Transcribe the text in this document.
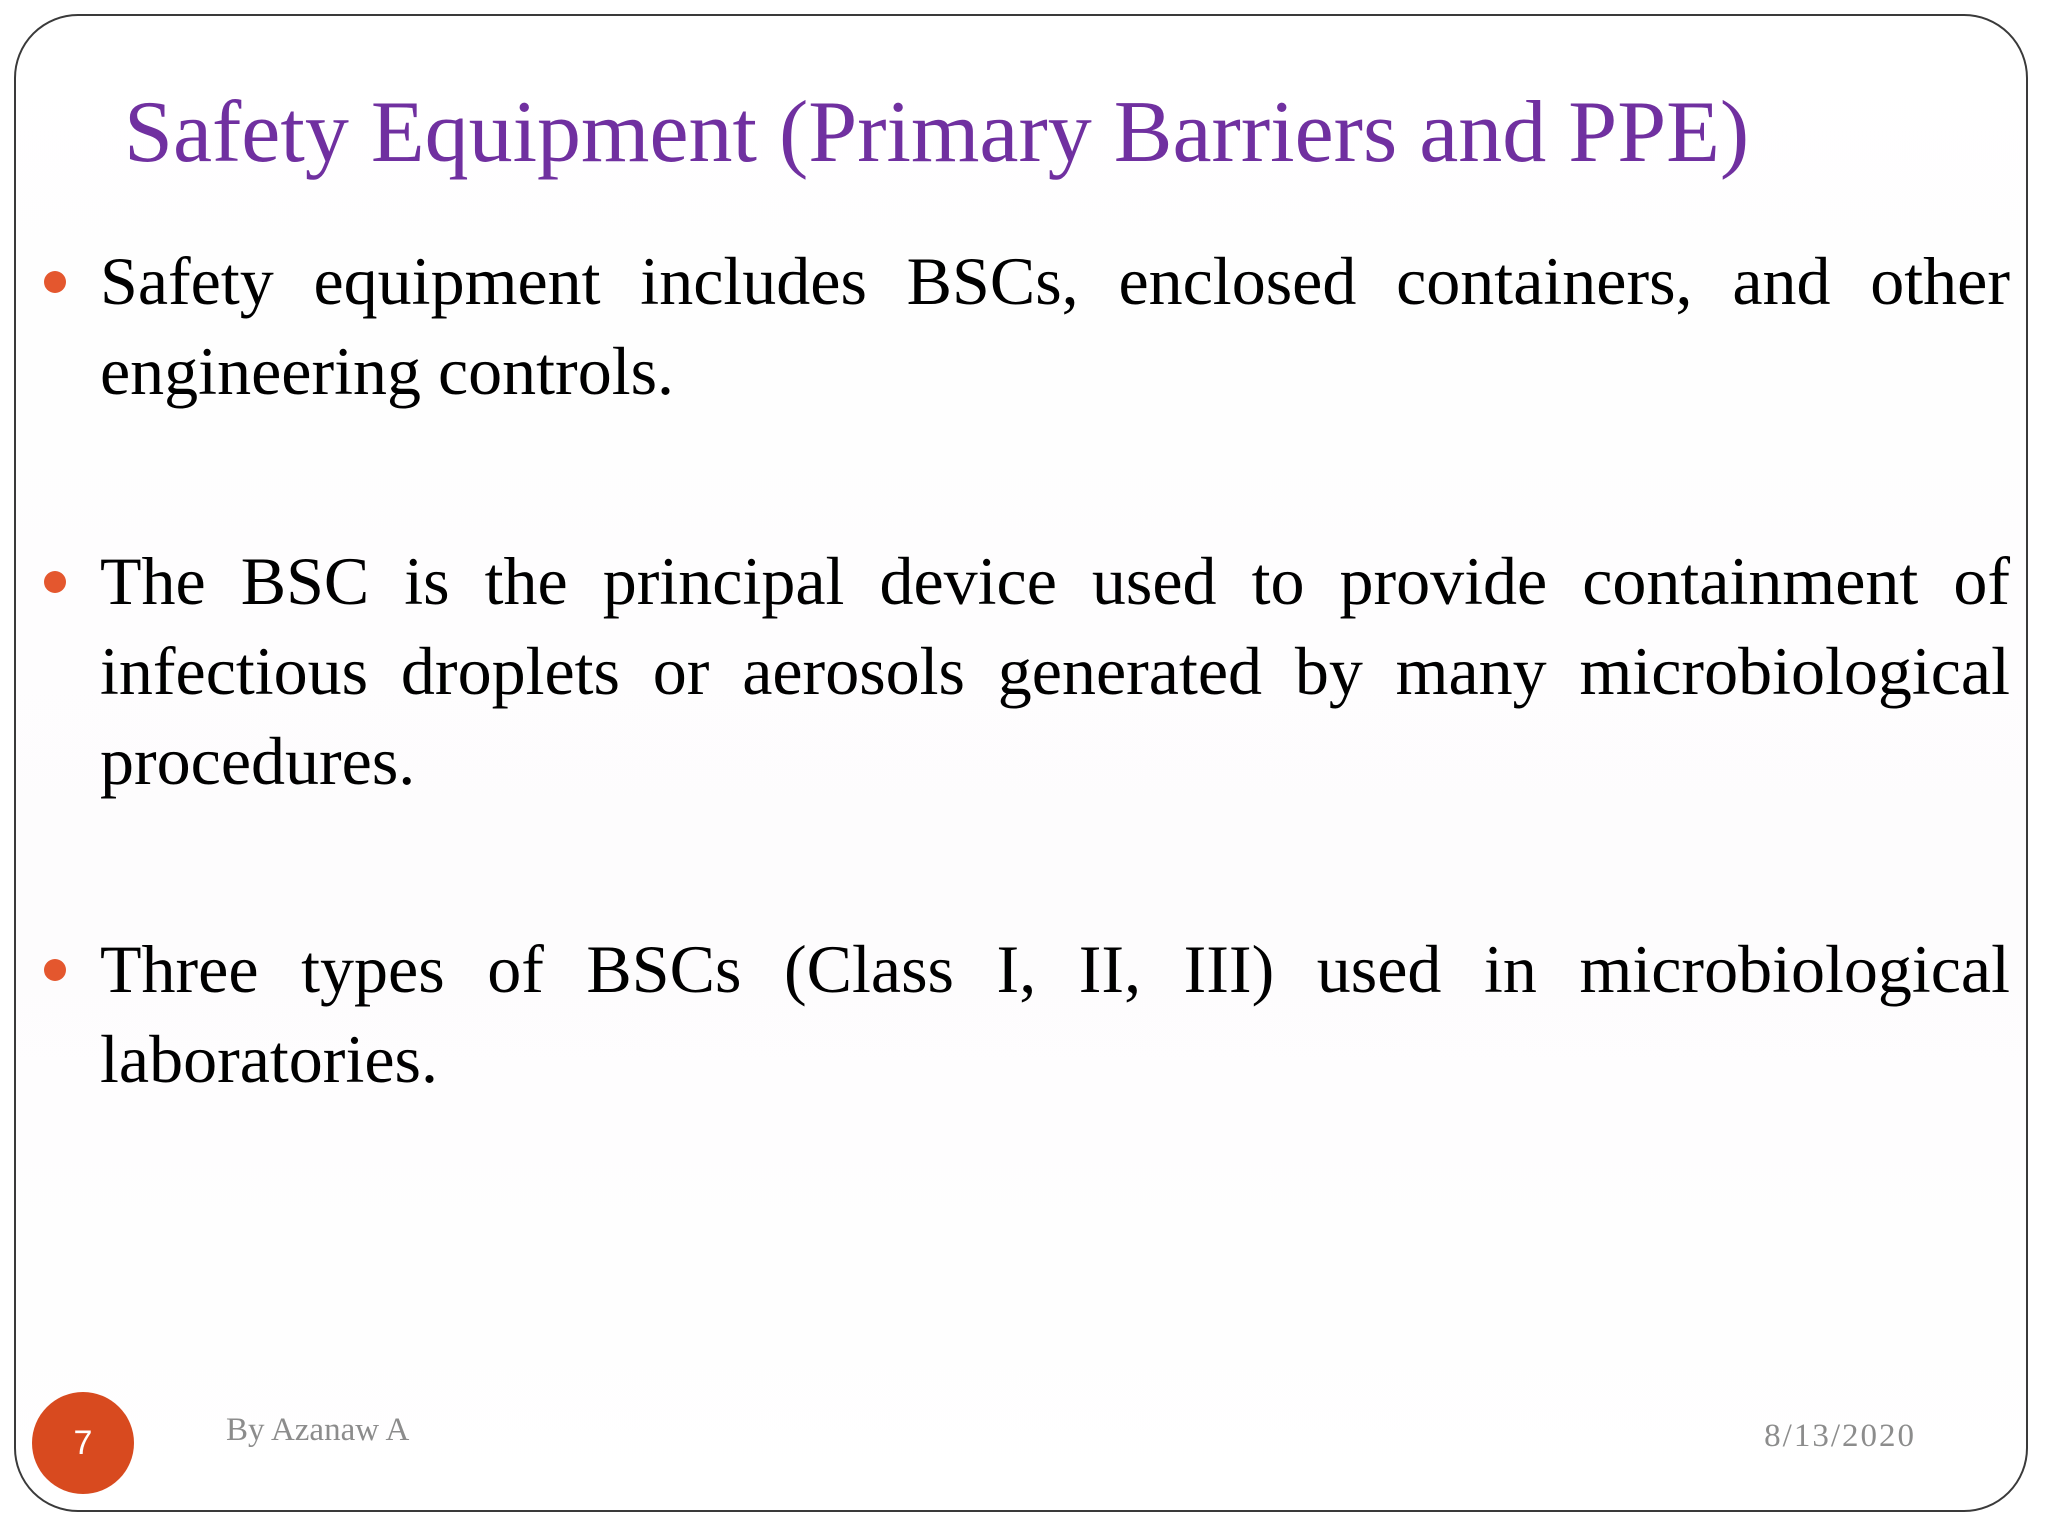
Safety Equipment (Primary Barriers and PPE)
Safety equipment includes BSCs, enclosed containers, and other engineering controls.
The BSC is the principal device used to provide containment of infectious droplets or aerosols generated by many microbiological procedures.
Three types of BSCs (Class I, II, III) used in microbiological laboratories.
7	By Azanaw A	8/13/2020
